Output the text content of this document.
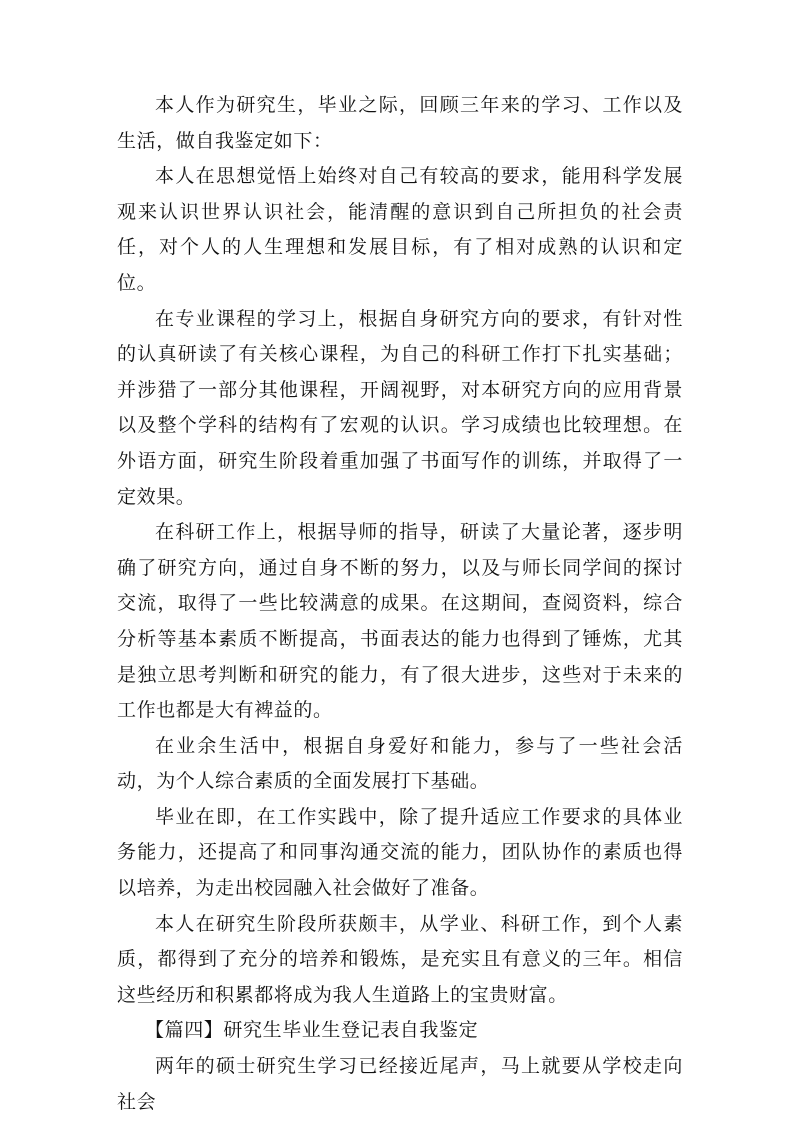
本人作为研究生，毕业之际，回顾三年来的学习、工作以及生活，做自我鉴定如下：

本人在思想觉悟上始终对自己有较高的要求，能用科学发展观来认识世界认识社会，能清醒的意识到自己所担负的社会责任，对个人的人生理想和发展目标，有了相对成熟的认识和定位。

在专业课程的学习上，根据自身研究方向的要求，有针对性的认真研读了有关核心课程，为自己的科研工作打下扎实基础；并涉猎了一部分其他课程，开阔视野，对本研究方向的应用背景以及整个学科的结构有了宏观的认识。学习成绩也比较理想。在外语方面，研究生阶段着重加强了书面写作的训练，并取得了一定效果。

在科研工作上，根据导师的指导，研读了大量论著，逐步明确了研究方向，通过自身不断的努力，以及与师长同学间的探讨交流，取得了一些比较满意的成果。在这期间，查阅资料，综合分析等基本素质不断提高，书面表达的能力也得到了锤炼，尤其是独立思考判断和研究的能力，有了很大进步，这些对于未来的工作也都是大有裨益的。

在业余生活中，根据自身爱好和能力，参与了一些社会活动，为个人综合素质的全面发展打下基础。

毕业在即，在工作实践中，除了提升适应工作要求的具体业务能力，还提高了和同事沟通交流的能力，团队协作的素质也得以培养，为走出校园融入社会做好了准备。

本人在研究生阶段所获颇丰，从学业、科研工作，到个人素质，都得到了充分的培养和锻炼，是充实且有意义的三年。相信这些经历和积累都将成为我人生道路上的宝贵财富。

【篇四】研究生毕业生登记表自我鉴定

两年的硕士研究生学习已经接近尾声，马上就要从学校走向社会
